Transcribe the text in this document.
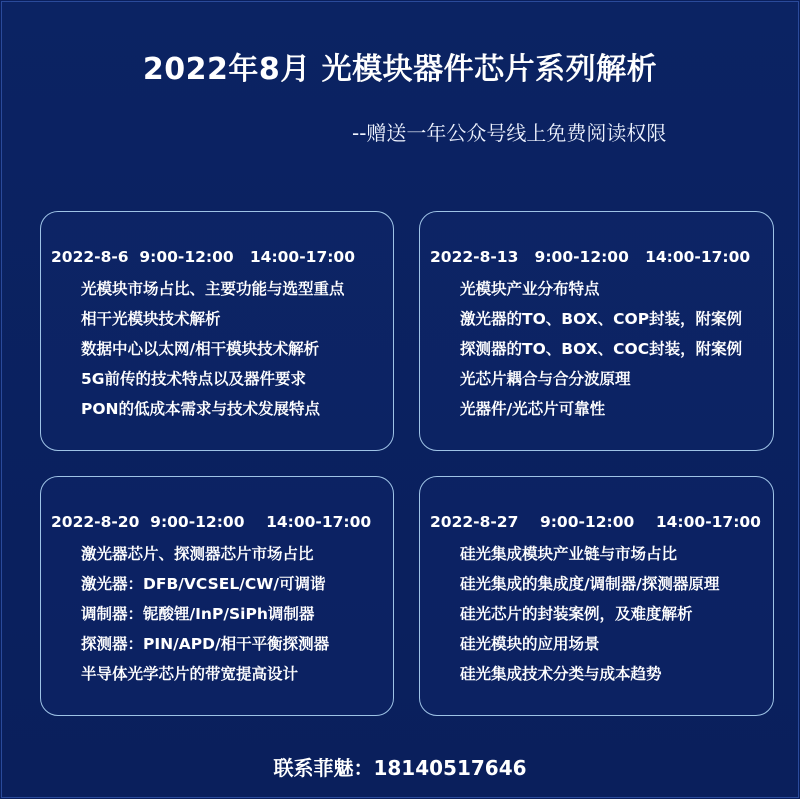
2022年8月 光模块器件芯片系列解析
--赠送一年公众号线上免费阅读权限
2022-8-6  9:00-12:00   14:00-17:00
光模块市场占比、主要功能与选型重点
相干光模块技术解析
数据中心以太网/相干模块技术解析
5G前传的技术特点以及器件要求
PON的低成本需求与技术发展特点
2022-8-13   9:00-12:00   14:00-17:00
光模块产业分布特点
激光器的TO、BOX、COP封装，附案例
探测器的TO、BOX、COC封装，附案例
光芯片耦合与合分波原理
光器件/光芯片可靠性
2022-8-20  9:00-12:00    14:00-17:00
激光器芯片、探测器芯片市场占比
激光器：DFB/VCSEL/CW/可调谐
调制器：铌酸锂/InP/SiPh调制器
探测器：PIN/APD/相干平衡探测器
半导体光学芯片的带宽提高设计
2022-8-27    9:00-12:00    14:00-17:00
硅光集成模块产业链与市场占比
硅光集成的集成度/调制器/探测器原理
硅光芯片的封装案例，及难度解析
硅光模块的应用场景
硅光集成技术分类与成本趋势
联系菲魅：18140517646
